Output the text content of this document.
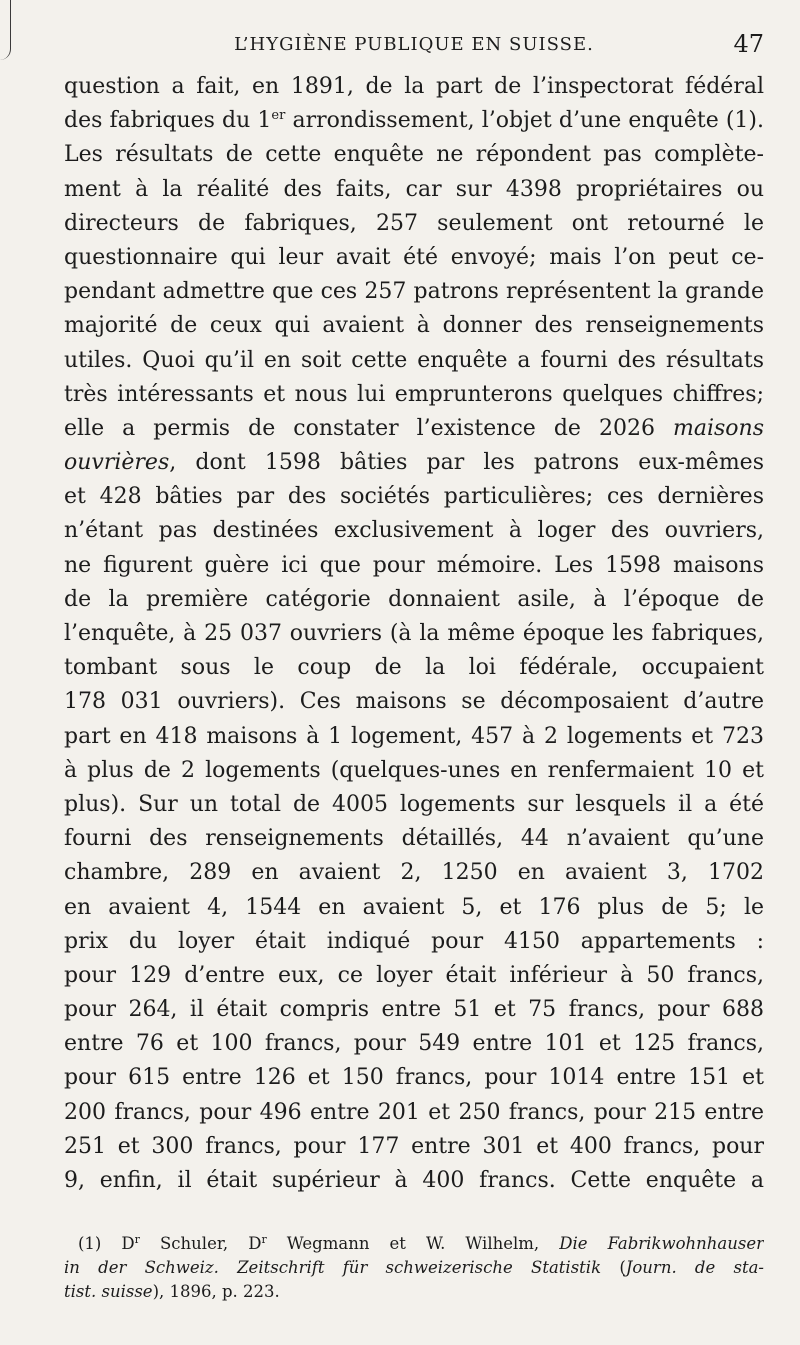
L’HYGIÈNE PUBLIQUE EN SUISSE.	47
question a fait, en 1891, de la part de l’inspectorat fédéral
des fabriques du 1er arrondissement, l’objet d’une enquête (1).
Les résultats de cette enquête ne répondent pas complète-
ment à la réalité des faits, car sur 4398 propriétaires ou
directeurs de fabriques, 257 seulement ont retourné le
questionnaire qui leur avait été envoyé; mais l’on peut ce-
pendant admettre que ces 257 patrons représentent la grande
majorité de ceux qui avaient à donner des renseignements
utiles. Quoi qu’il en soit cette enquête a fourni des résultats
très intéressants et nous lui emprunterons quelques chiffres;
elle a permis de constater l’existence de 2026 maisons
ouvrières, dont 1598 bâties par les patrons eux-mêmes
et 428 bâties par des sociétés particulières; ces dernières
n’étant pas destinées exclusivement à loger des ouvriers,
ne figurent guère ici que pour mémoire. Les 1598 maisons
de la première catégorie donnaient asile, à l’époque de
l’enquête, à 25 037 ouvriers (à la même époque les fabriques,
tombant sous le coup de la loi fédérale, occupaient
178 031 ouvriers). Ces maisons se décomposaient d’autre
part en 418 maisons à 1 logement, 457 à 2 logements et 723
à plus de 2 logements (quelques-unes en renfermaient 10 et
plus). Sur un total de 4005 logements sur lesquels il a été
fourni des renseignements détaillés, 44 n’avaient qu’une
chambre, 289 en avaient 2, 1250 en avaient 3, 1702
en avaient 4, 1544 en avaient 5, et 176 plus de 5; le
prix du loyer était indiqué pour 4150 appartements :
pour 129 d’entre eux, ce loyer était inférieur à 50 francs,
pour 264, il était compris entre 51 et 75 francs, pour 688
entre 76 et 100 francs, pour 549 entre 101 et 125 francs,
pour 615 entre 126 et 150 francs, pour 1014 entre 151 et
200 francs, pour 496 entre 201 et 250 francs, pour 215 entre
251 et 300 francs, pour 177 entre 301 et 400 francs, pour
9, enfin, il était supérieur à 400 francs. Cette enquête a
(1) D$^r$ Schuler, D$^r$ Wegmann et W. Wilhelm, Die Fabrikwohnhauser
in der Schweiz. Zeitschrift für schweizerische Statistik (Journ. de sta-
tist. suisse), 1896, p. 223.
